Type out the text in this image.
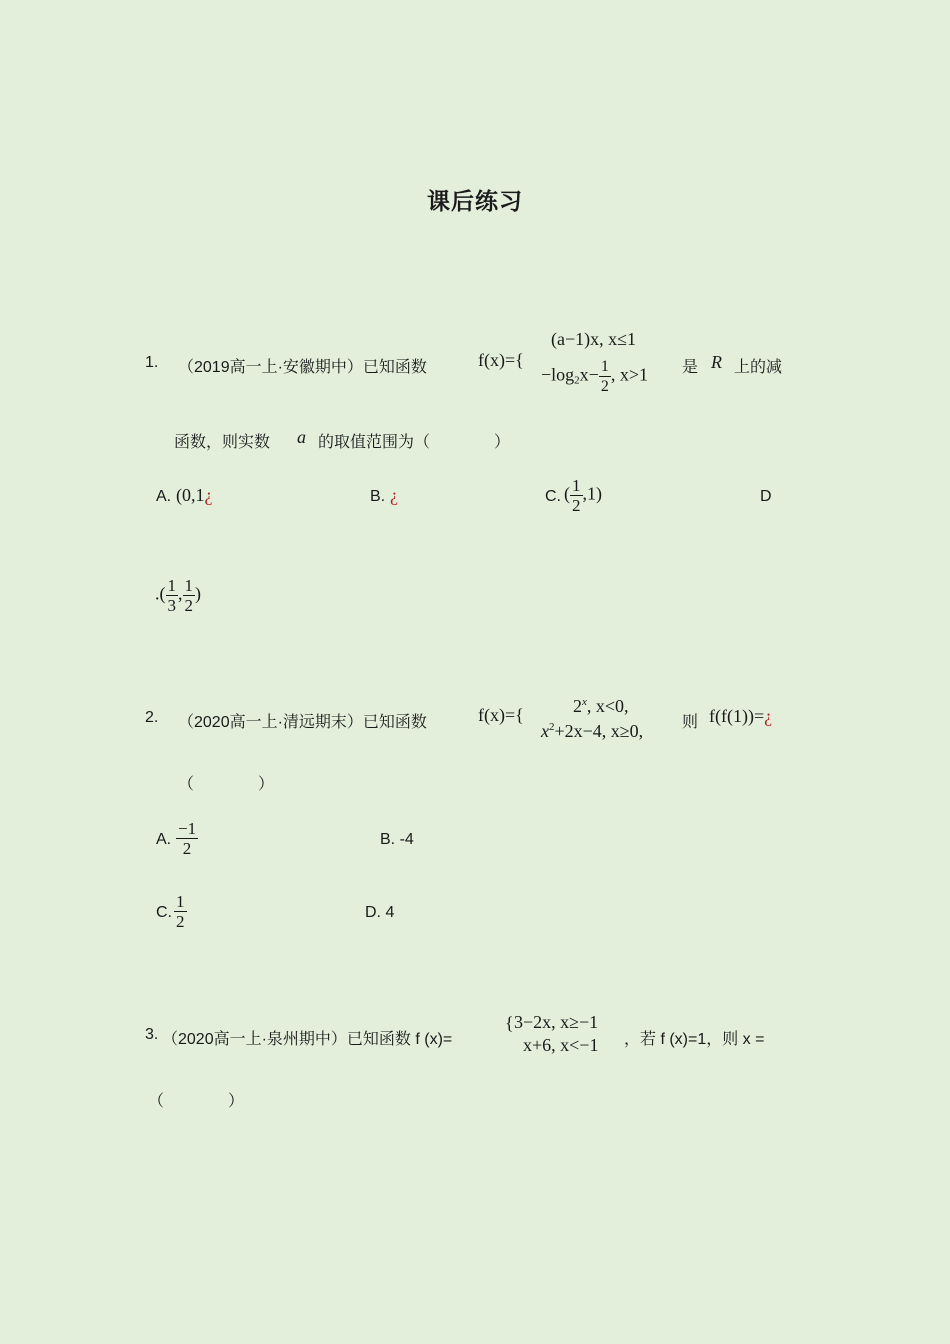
课后练习
1. （2019高一上·安徽期中）已知函数	f(x)={
(a−1)x, x≤1
$-\log 2x- \frac{1}{2}$ , x>1 是 R 上的减
函数，则实数 a 的取值范围为（　　　　）
A. (0,1¿	B. ¿	C. ( $\frac{1}{2} ,1$)	D
.( $\frac{1}{3}$ , $\frac{1}{2}$ )
2. （2020高一上·清远期末）已知函数	f(x)={	2$^x$, x<0,
$x^2+2x-4$, x≥0, 则 f(f(1))=¿
（　　　　）
A. $\frac{-1}{2}$	B. -4
C. $\frac{1}{2}$	D. 4
3. （2020高一上·泉州期中）已知函数 f (x)=
{ 3−2x, x≥−1
x+6, x<−1 ，若 f (x)=1，则 x =
（　　　　）
